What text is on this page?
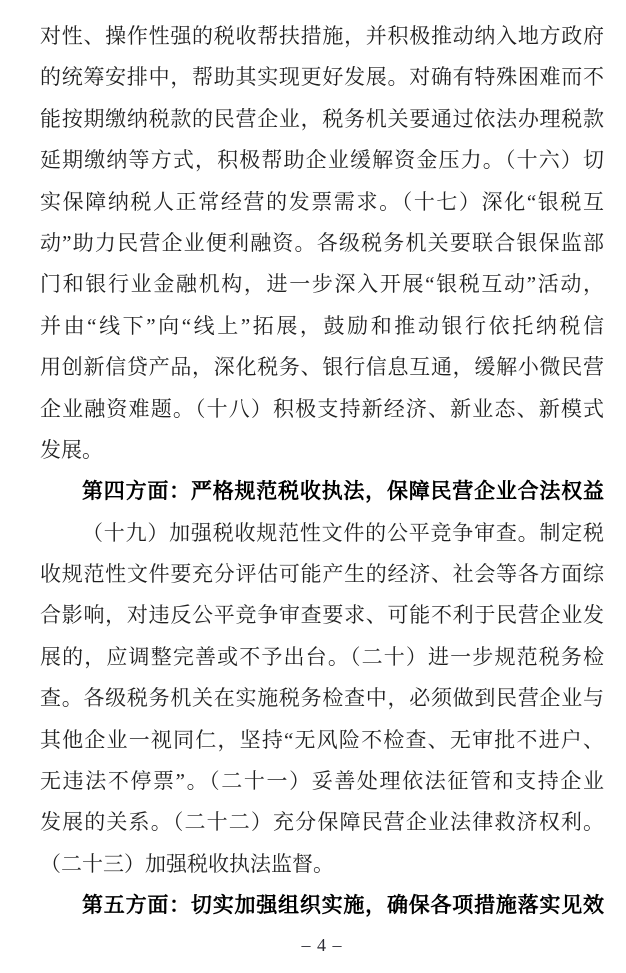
对性、操作性强的税收帮扶措施，并积极推动纳入地方政府
的统筹安排中，帮助其实现更好发展。对确有特殊困难而不
能按期缴纳税款的民营企业，税务机关要通过依法办理税款
延期缴纳等方式，积极帮助企业缓解资金压力。（十六）切
实保障纳税人正常经营的发票需求。（十七）深化“银税互
动”助力民营企业便利融资。各级税务机关要联合银保监部
门和银行业金融机构，进一步深入开展“银税互动”活动，
并由“线下”向“线上”拓展，鼓励和推动银行依托纳税信
用创新信贷产品，深化税务、银行信息互通，缓解小微民营
企业融资难题。（十八）积极支持新经济、新业态、新模式
发展。
第四方面：严格规范税收执法，保障民营企业合法权益
（十九）加强税收规范性文件的公平竞争审查。制定税
收规范性文件要充分评估可能产生的经济、社会等各方面综
合影响，对违反公平竞争审查要求、可能不利于民营企业发
展的，应调整完善或不予出台。（二十）进一步规范税务检
查。各级税务机关在实施税务检查中，必须做到民营企业与
其他企业一视同仁，坚持“无风险不检查、无审批不进户、
无违法不停票”。（二十一）妥善处理依法征管和支持企业
发展的关系。（二十二）充分保障民营企业法律救济权利。
（二十三）加强税收执法监督。
第五方面：切实加强组织实施，确保各项措施落实见效
– 4 –
